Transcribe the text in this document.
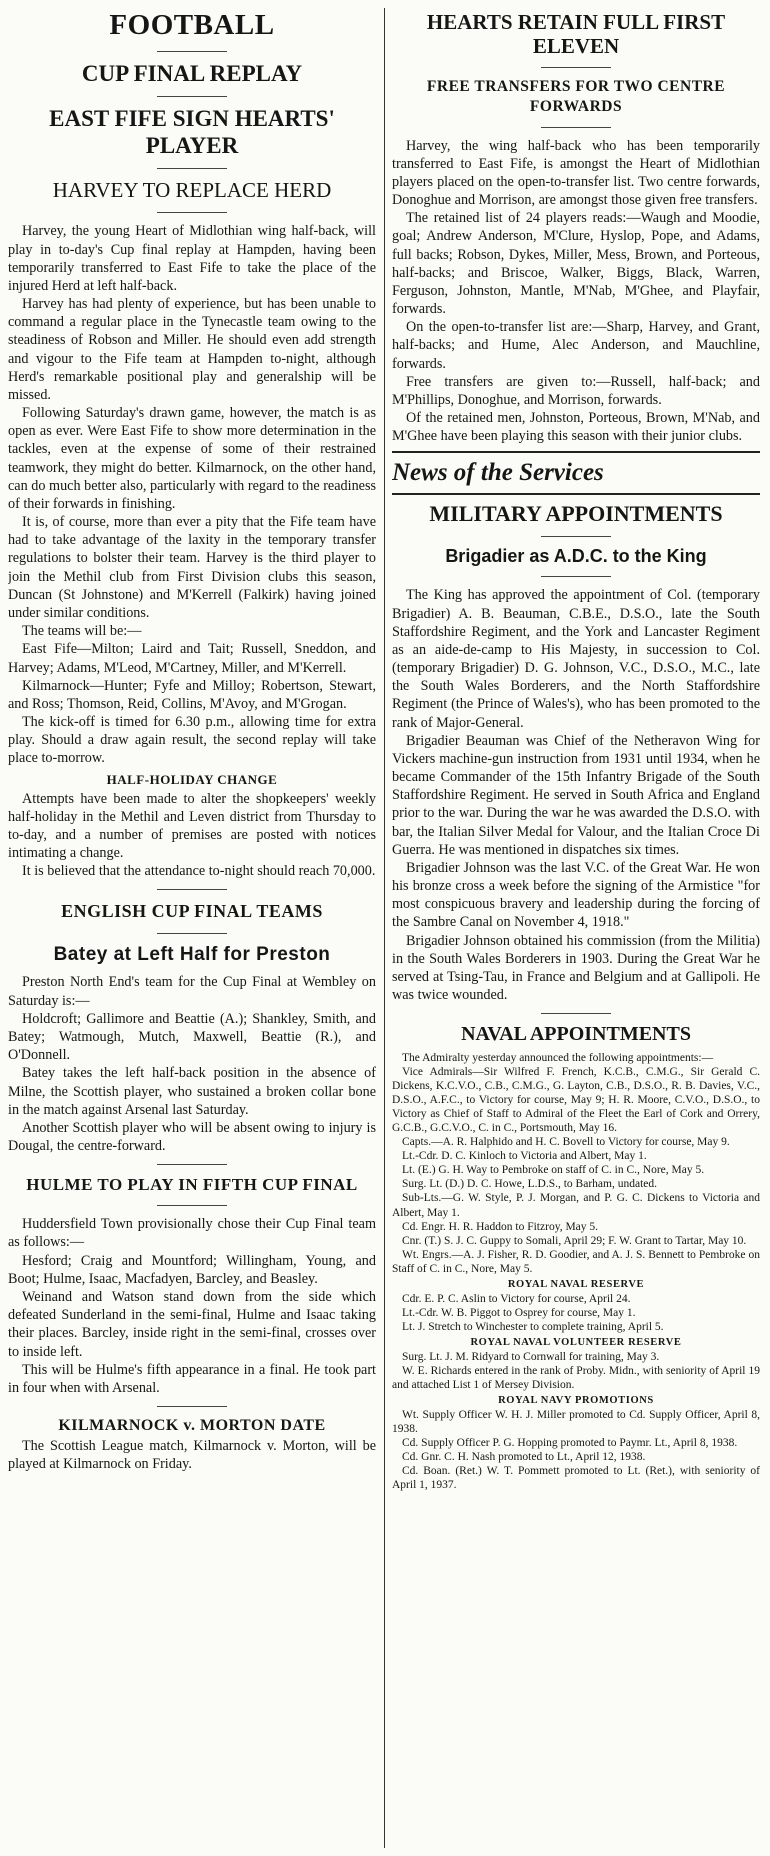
FOOTBALL
CUP FINAL REPLAY
EAST FIFE SIGN HEARTS' PLAYER
HARVEY TO REPLACE HERD

Harvey, the young Heart of Midlothian wing half-back, will play in to-day's Cup final replay at Hampden, having been temporarily transferred to East Fife to take the place of the injured Herd at left half-back.

Harvey has had plenty of experience, but has been unable to command a regular place in the Tynecastle team owing to the steadiness of Robson and Miller. He should even add strength and vigour to the Fife team at Hampden to-night, although Herd's remarkable positional play and generalship will be missed.

Following Saturday's drawn game, however, the match is as open as ever. Were East Fife to show more determination in the tackles, even at the expense of some of their restrained teamwork, they might do better. Kilmarnock, on the other hand, can do much better also, particularly with regard to the readiness of their forwards in finishing.

It is, of course, more than ever a pity that the Fife team have had to take advantage of the laxity in the temporary transfer regulations to bolster their team. Harvey is the third player to join the Methil club from First Division clubs this season, Duncan (St Johnstone) and M'Kerrell (Falkirk) having joined under similar conditions.

The teams will be:—

East Fife—Milton; Laird and Tait; Russell, Sneddon, and Harvey; Adams, M'Leod, M'Cartney, Miller, and M'Kerrell.

Kilmarnock—Hunter; Fyfe and Milloy; Robertson, Stewart, and Ross; Thomson, Reid, Collins, M'Avoy, and M'Grogan.

The kick-off is timed for 6.30 p.m., allowing time for extra play. Should a draw again result, the second replay will take place to-morrow.

HALF-HOLIDAY CHANGE

Attempts have been made to alter the shopkeepers' weekly half-holiday in the Methil and Leven district from Thursday to to-day, and a number of premises are posted with notices intimating a change.

It is believed that the attendance to-night should reach 70,000.

ENGLISH CUP FINAL TEAMS
Batey at Left Half for Preston

Preston North End's team for the Cup Final at Wembley on Saturday is:—

Holdcroft; Gallimore and Beattie (A.); Shankley, Smith, and Batey; Watmough, Mutch, Maxwell, Beattie (R.), and O'Donnell.

Batey takes the left half-back position in the absence of Milne, the Scottish player, who sustained a broken collar bone in the match against Arsenal last Saturday.

Another Scottish player who will be absent owing to injury is Dougal, the centre-forward.

HULME TO PLAY IN FIFTH CUP FINAL

Huddersfield Town provisionally chose their Cup Final team as follows:—

Hesford; Craig and Mountford; Willingham, Young, and Boot; Hulme, Isaac, Macfadyen, Barcley, and Beasley.

Weinand and Watson stand down from the side which defeated Sunderland in the semi-final, Hulme and Isaac taking their places. Barcley, inside right in the semi-final, crosses over to inside left.

This will be Hulme's fifth appearance in a final. He took part in four when with Arsenal.

KILMARNOCK v. MORTON DATE

The Scottish League match, Kilmarnock v. Morton, will be played at Kilmarnock on Friday.

HEARTS RETAIN FULL FIRST ELEVEN
FREE TRANSFERS FOR TWO CENTRE FORWARDS

Harvey, the wing half-back who has been temporarily transferred to East Fife, is amongst the Heart of Midlothian players placed on the open-to-transfer list. Two centre forwards, Donoghue and Morrison, are amongst those given free transfers.

The retained list of 24 players reads:—Waugh and Moodie, goal; Andrew Anderson, M'Clure, Hyslop, Pope, and Adams, full backs; Robson, Dykes, Miller, Mess, Brown, and Porteous, half-backs; and Briscoe, Walker, Biggs, Black, Warren, Ferguson, Johnston, Mantle, M'Nab, M'Ghee, and Playfair, forwards.

On the open-to-transfer list are:—Sharp, Harvey, and Grant, half-backs; and Hume, Alec Anderson, and Mauchline, forwards.

Free transfers are given to:—Russell, half-back; and M'Phillips, Donoghue, and Morrison, forwards.

Of the retained men, Johnston, Porteous, Brown, M'Nab, and M'Ghee have been playing this season with their junior clubs.

News of the Services
MILITARY APPOINTMENTS
Brigadier as A.D.C. to the King

The King has approved the appointment of Col. (temporary Brigadier) A. B. Beauman, C.B.E., D.S.O., late the South Staffordshire Regiment, and the York and Lancaster Regiment as an aide-de-camp to His Majesty, in succession to Col. (temporary Brigadier) D. G. Johnson, V.C., D.S.O., M.C., late the South Wales Borderers, and the North Staffordshire Regiment (the Prince of Wales's), who has been promoted to the rank of Major-General.

Brigadier Beauman was Chief of the Netheravon Wing for Vickers machine-gun instruction from 1931 until 1934, when he became Commander of the 15th Infantry Brigade of the South Staffordshire Regiment. He served in South Africa and England prior to the war. During the war he was awarded the D.S.O. with bar, the Italian Silver Medal for Valour, and the Italian Croce Di Guerra. He was mentioned in dispatches six times.

Brigadier Johnson was the last V.C. of the Great War. He won his bronze cross a week before the signing of the Armistice "for most conspicuous bravery and leadership during the forcing of the Sambre Canal on November 4, 1918."

Brigadier Johnson obtained his commission (from the Militia) in the South Wales Borderers in 1903. During the Great War he served at Tsing-Tau, in France and Belgium and at Gallipoli. He was twice wounded.

NAVAL APPOINTMENTS

The Admiralty yesterday announced the following appointments:—

Vice Admirals—Sir Wilfred F. French, K.C.B., C.M.G., Sir Gerald C. Dickens, K.C.V.O., C.B., C.M.G., G. Layton, C.B., D.S.O., R. B. Davies, V.C., D.S.O., A.F.C., to Victory for course, May 9; H. R. Moore, C.V.O., D.S.O., to Victory as Chief of Staff to Admiral of the Fleet the Earl of Cork and Orrery, G.C.B., G.C.V.O., C. in C., Portsmouth, May 16.

Capts.—A. R. Halphido and H. C. Bovell to Victory for course, May 9.

Lt.-Cdr. D. C. Kinloch to Victoria and Albert, May 1.

Lt. (E.) G. H. Way to Pembroke on staff of C. in C., Nore, May 5.

Surg. Lt. (D.) D. C. Howe, L.D.S., to Barham, undated.

Sub-Lts.—G. W. Style, P. J. Morgan, and P. G. C. Dickens to Victoria and Albert, May 1.

Cd. Engr. H. R. Haddon to Fitzroy, May 5.

Cnr. (T.) S. J. C. Guppy to Somali, April 29; F. W. Grant to Tartar, May 10.

Wt. Engrs.—A. J. Fisher, R. D. Goodier, and A. J. S. Bennett to Pembroke on Staff of C. in C., Nore, May 5.

ROYAL NAVAL RESERVE

Cdr. E. P. C. Aslin to Victory for course, April 24.

Lt.-Cdr. W. B. Piggot to Osprey for course, May 1.

Lt. J. Stretch to Winchester to complete training, April 5.

ROYAL NAVAL VOLUNTEER RESERVE

Surg. Lt. J. M. Ridyard to Cornwall for training, May 3.

W. E. Richards entered in the rank of Proby. Midn., with seniority of April 19 and attached List 1 of Mersey Division.

ROYAL NAVY PROMOTIONS

Wt. Supply Officer W. H. J. Miller promoted to Cd. Supply Officer, April 8, 1938.

Cd. Supply Officer P. G. Hopping promoted to Paymr. Lt., April 8, 1938.

Cd. Gnr. C. H. Nash promoted to Lt., April 12, 1938.

Cd. Boan. (Ret.) W. T. Pommett promoted to Lt. (Ret.), with seniority of April 1, 1937.
